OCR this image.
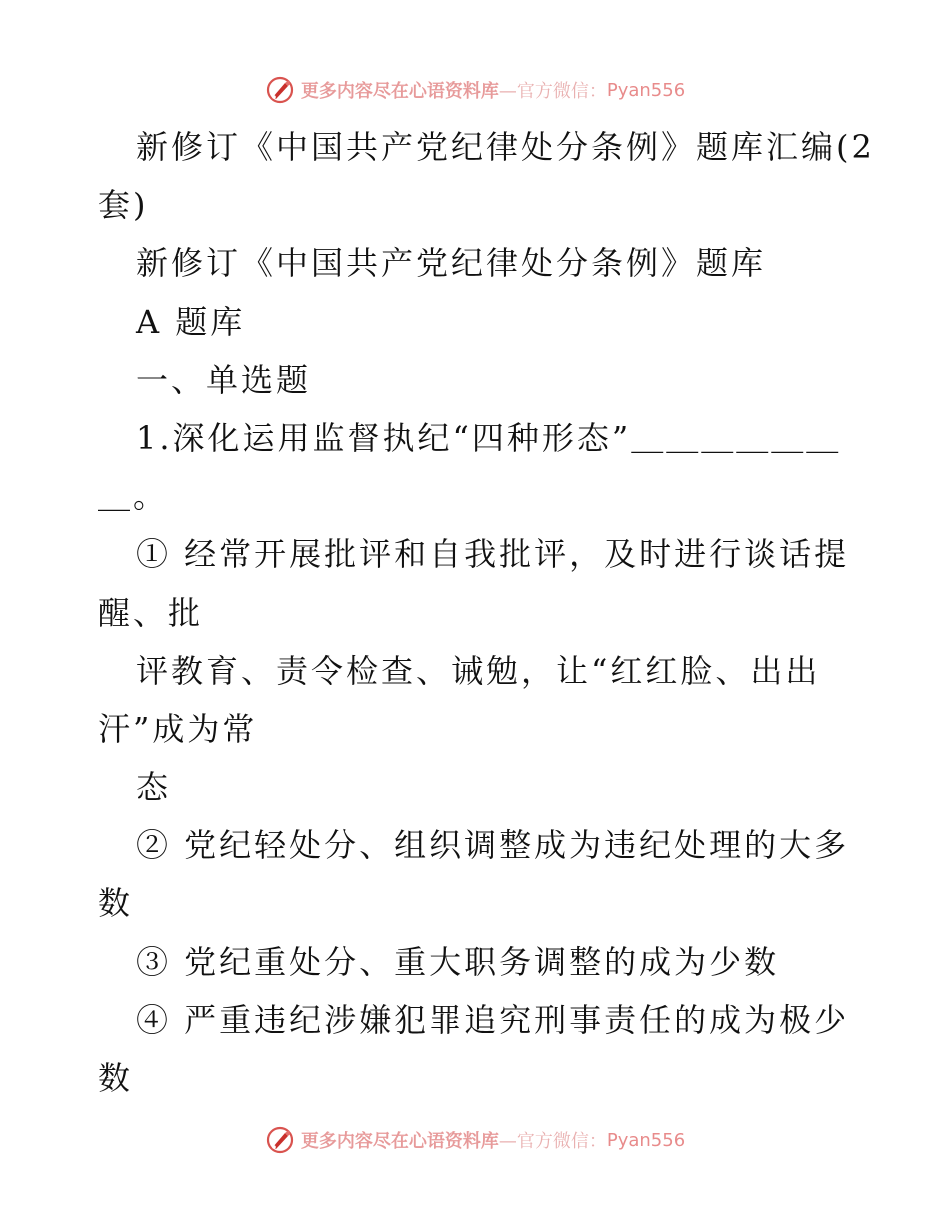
更多内容尽在心语资料库 —官方微信： Pyan556
新修订《中国共产党纪律处分条例》题库汇编(2
套)
新修订《中国共产党纪律处分条例》题库
A 题库
一、单选题
1.深化运用监督执纪“四种形态”＿＿＿＿＿＿
＿。
① 经常开展批评和自我批评，及时进行谈话提
醒、批
评教育、责令检查、诫勉，让“红红脸、出出
汗”成为常
态
② 党纪轻处分、组织调整成为违纪处理的大多
数
③ 党纪重处分、重大职务调整的成为少数
④ 严重违纪涉嫌犯罪追究刑事责任的成为极少
数
更多内容尽在心语资料库 —官方微信： Pyan556
